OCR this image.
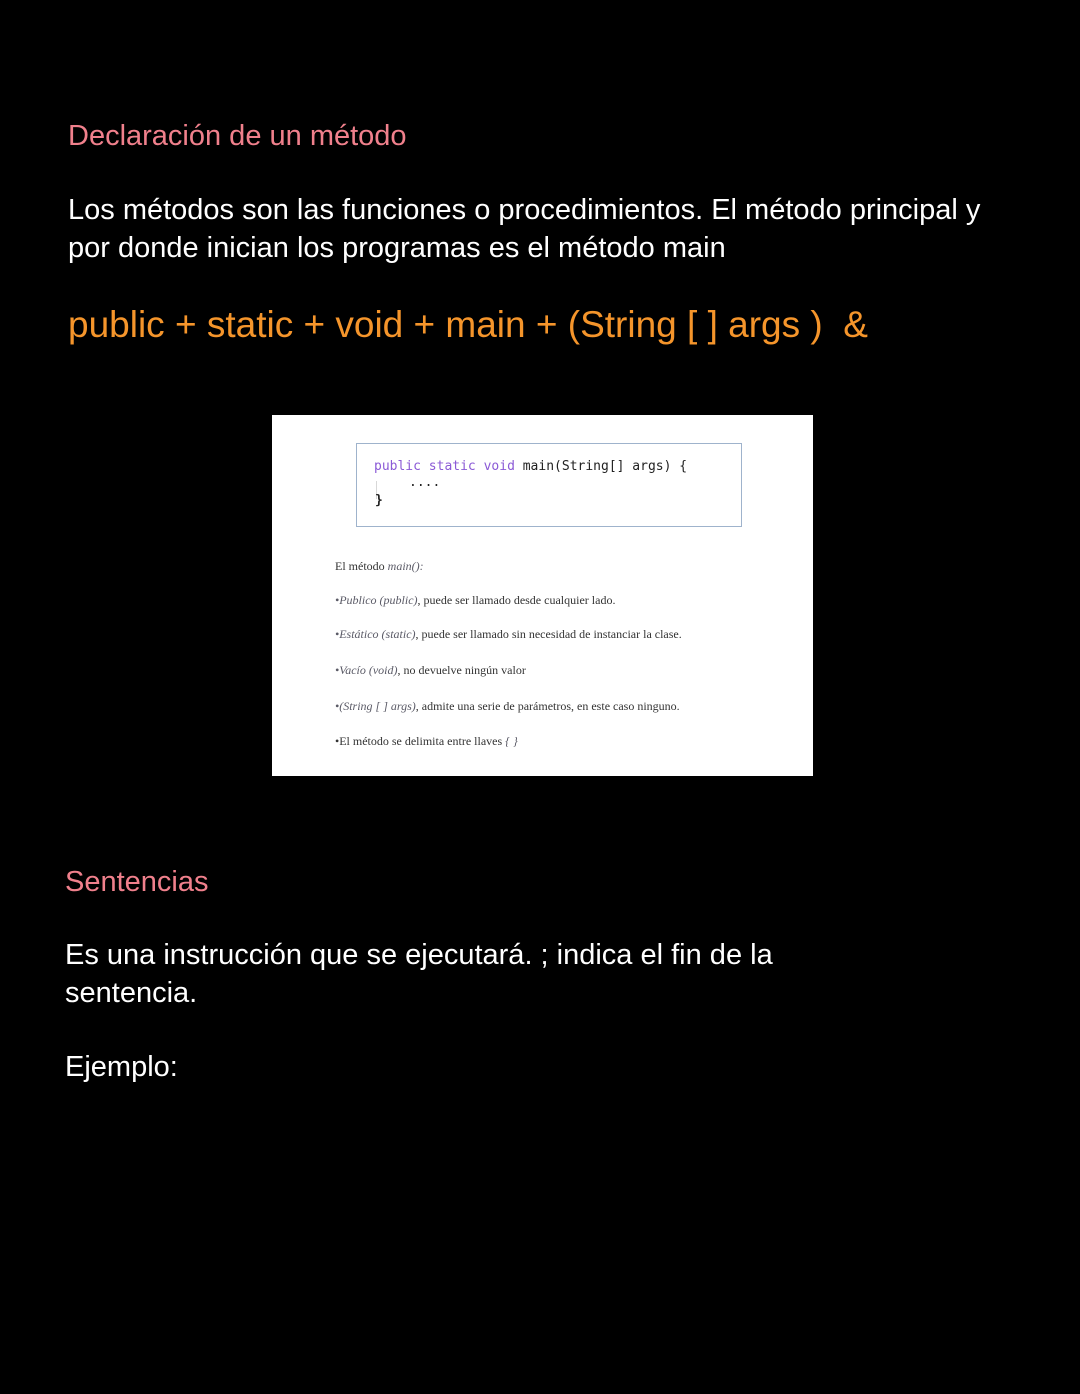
Declaración de un método
Los métodos son las funciones o procedimientos. El método principal y por donde inician los programas es el método main
public + static + void + main + (String [ ] args )  &
public static void main(String[] args) {
....
}
El método main():
•Publico (public), puede ser llamado desde cualquier lado.
•Estático (static), puede ser llamado sin necesidad de instanciar la clase.
•Vacío (void), no devuelve ningún valor
•(String [ ] args), admite una serie de parámetros, en este caso ninguno.
•El método se delimita entre llaves { }
Sentencias
Es una instrucción que se ejecutará. ; indica el fin de la sentencia.
Ejemplo:
